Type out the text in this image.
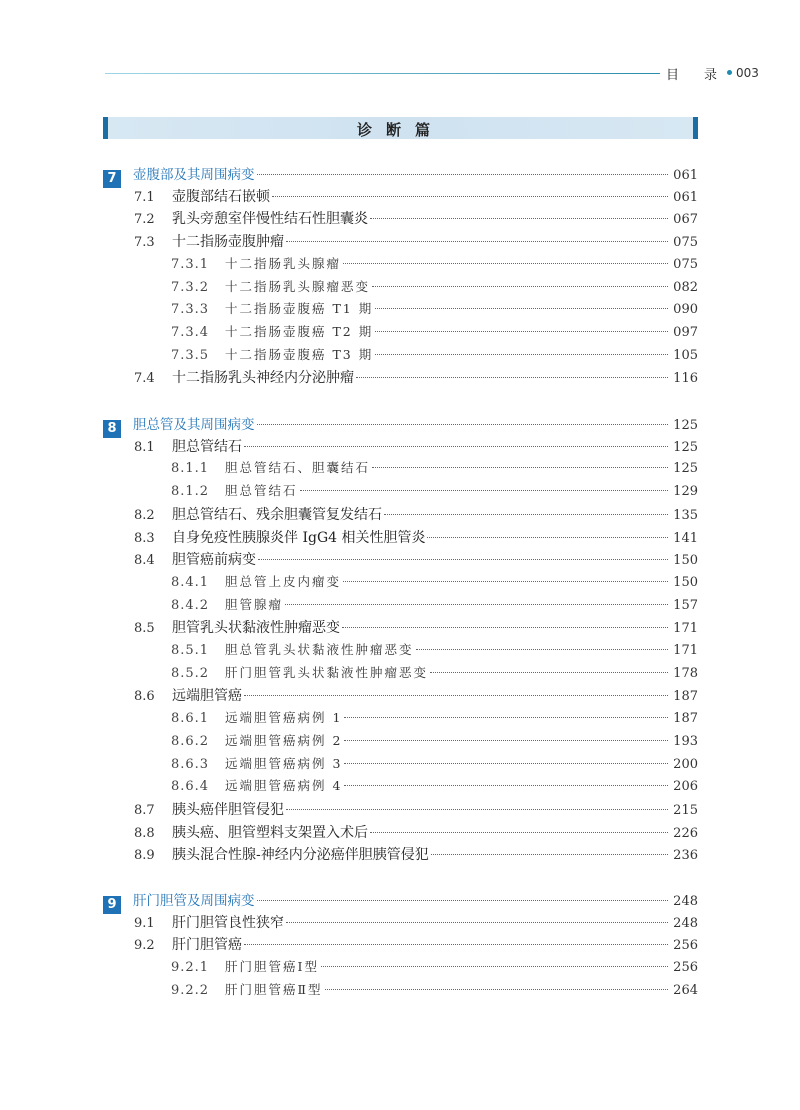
目 录 003
诊断篇
7	壶腹部及其周围病变	061
7.1	壶腹部结石嵌顿	061
7.2	乳头旁憩室伴慢性结石性胆囊炎	067
7.3	十二指肠壶腹肿瘤	075
7.3.1	十二指肠乳头腺瘤	075
7.3.2	十二指肠乳头腺瘤恶变	082
7.3.3	十二指肠壶腹癌 T1 期	090
7.3.4	十二指肠壶腹癌 T2 期	097
7.3.5	十二指肠壶腹癌 T3 期	105
7.4	十二指肠乳头神经内分泌肿瘤	116
8	胆总管及其周围病变	125
8.1	胆总管结石	125
8.1.1	胆总管结石、胆囊结石	125
8.1.2	胆总管结石	129
8.2	胆总管结石、残余胆囊管复发结石	135
8.3	自身免疫性胰腺炎伴 IgG4 相关性胆管炎	141
8.4	胆管癌前病变	150
8.4.1	胆总管上皮内瘤变	150
8.4.2	胆管腺瘤	157
8.5	胆管乳头状黏液性肿瘤恶变	171
8.5.1	胆总管乳头状黏液性肿瘤恶变	171
8.5.2	肝门胆管乳头状黏液性肿瘤恶变	178
8.6	远端胆管癌	187
8.6.1	远端胆管癌病例 1	187
8.6.2	远端胆管癌病例 2	193
8.6.3	远端胆管癌病例 3	200
8.6.4	远端胆管癌病例 4	206
8.7	胰头癌伴胆管侵犯	215
8.8	胰头癌、胆管塑料支架置入术后	226
8.9	胰头混合性腺-神经内分泌癌伴胆胰管侵犯	236
9	肝门胆管及周围病变	248
9.1	肝门胆管良性狭窄	248
9.2	肝门胆管癌	256
9.2.1	肝门胆管癌Ⅰ型	256
9.2.2	肝门胆管癌Ⅱ型	264
